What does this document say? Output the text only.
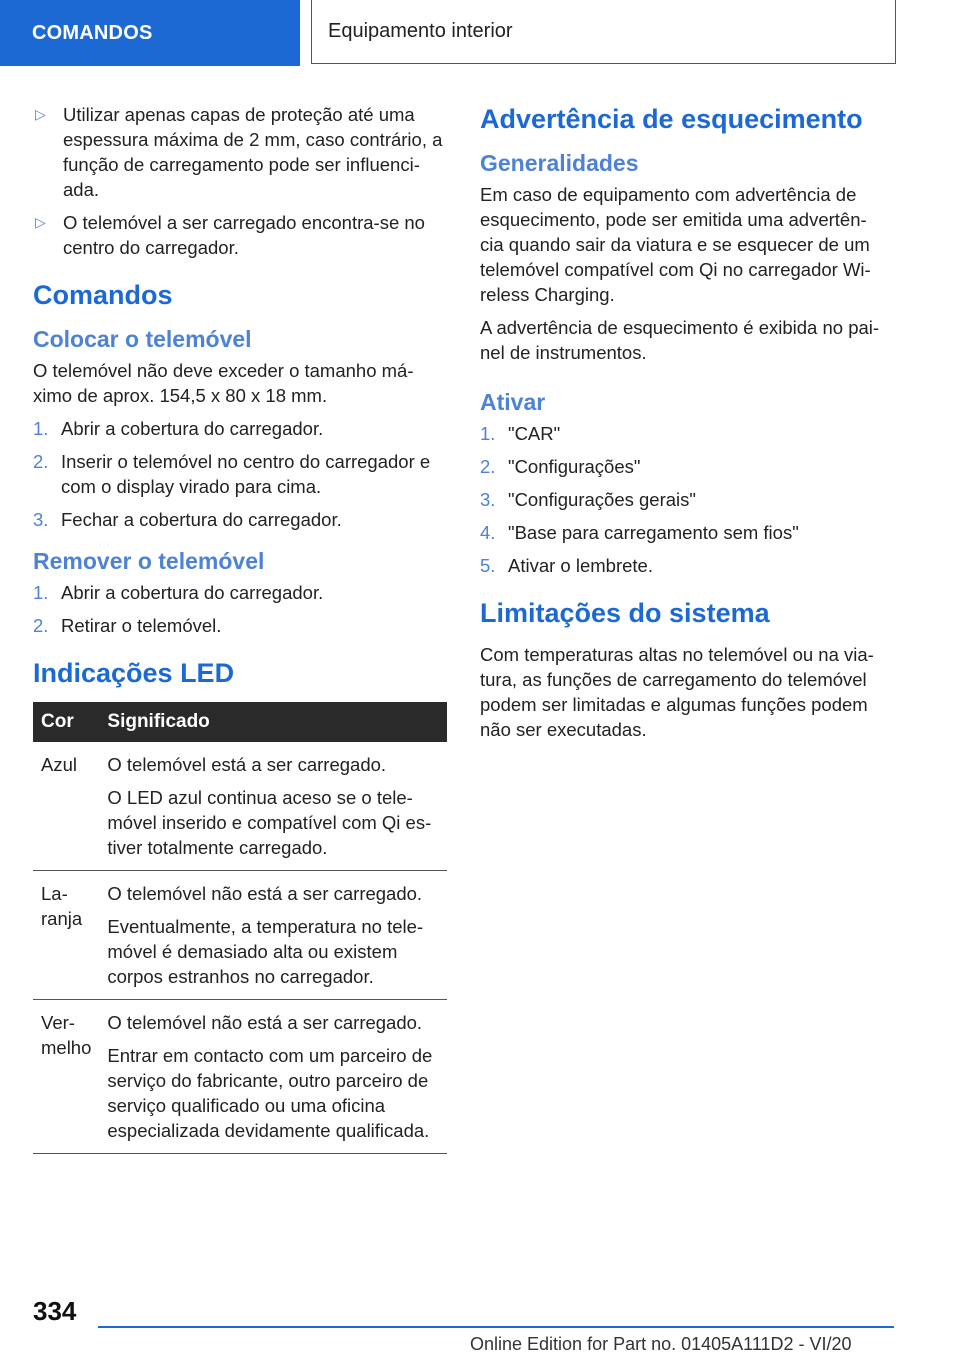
COMANDOS	Equipamento interior
▷ Utilizar apenas capas de proteção até uma espessura máxima de 2 mm, caso contrário, a função de carregamento pode ser influenci‐ada.
▷ O telemóvel a ser carregado encontra-se no centro do carregador.
Comandos
Colocar o telemóvel

O telemóvel não deve exceder o tamanho má‐ximo de aprox. 154,5 x 80 x 18 mm.

1. Abrir a cobertura do carregador.
2. Inserir o telemóvel no centro do carregador e com o display virado para cima.
3. Fechar a cobertura do carregador.
Remover o telemóvel
1. Abrir a cobertura do carregador.
2. Retirar o telemóvel.
Indicações LED
Cor	Significado
Azul	O telemóvel está a ser carregado.

O LED azul continua aceso se o tele‐móvel inserido e compatível com Qi es‐tiver totalmente carregado.

La‐ranja	O telemóvel não está a ser carregado.

Eventualmente, a temperatura no tele‐móvel é demasiado alta ou existem corpos estranhos no carregador.

Ver‐melho	O telemóvel não está a ser carregado.

Entrar em contacto com um parceiro de serviço do fabricante, outro parceiro de serviço qualificado ou uma oficina especializada devidamente qualificada.

Advertência de esquecimento
Generalidades

Em caso de equipamento com advertência de esquecimento, pode ser emitida uma advertên‐cia quando sair da viatura e se esquecer de um telemóvel compatível com Qi no carregador Wi‐reless Charging.

A advertência de esquecimento é exibida no pai‐nel de instrumentos.

Ativar
1. "CAR"
2. "Configurações"
3. "Configurações gerais"
4. "Base para carregamento sem fios"
5. Ativar o lembrete.
Limitações do sistema

Com temperaturas altas no telemóvel ou na via‐tura, as funções de carregamento do telemóvel podem ser limitadas e algumas funções podem não ser executadas.

334
Online Edition for Part no. 01405A111D2 - VI/20
